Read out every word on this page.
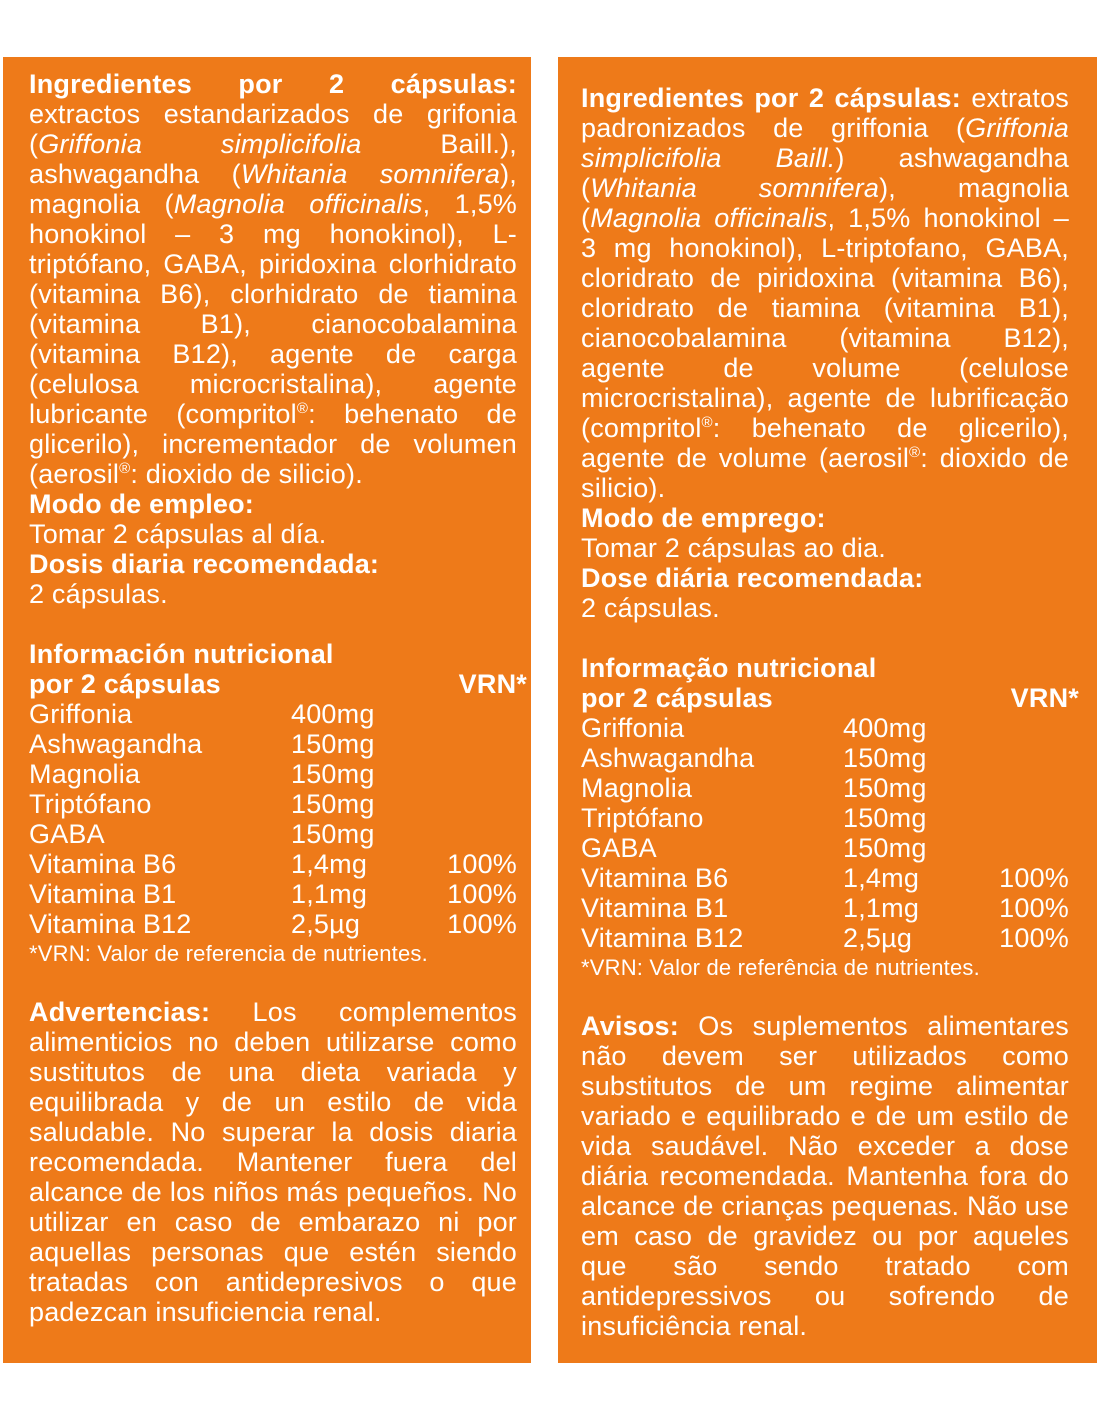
Ingredientes por 2 cápsulas: extractos estandarizados de grifonia (Griffonia simplicifolia Baill.), ashwagandha (Whitania somnifera), magnolia (Magnolia officinalis, 1,5% honokinol – 3 mg honokinol), L-triptófano, GABA, piridoxina clorhidrato (vitamina B6), clorhidrato de tiamina (vitamina B1), cianocobalamina (vitamina B12), agente de carga (celulosa microcristalina), agente lubricante (compritol®: behenato de glicerilo), incrementador de volumen (aerosil®: dioxido de silicio).

Modo de empleo:

Tomar 2 cápsulas al día.

Dosis diaria recomendada:

2 cápsulas.

Información nutricional
por 2 cápsulas	VRN*
Griffonia	400mg	
Ashwagandha	150mg	
Magnolia	150mg	
Triptófano	150mg	
GABA	150mg	
Vitamina B6	1,4mg	100%
Vitamina B1	1,1mg	100%
Vitamina B12	2,5µg	100%
*VRN: Valor de referencia de nutrientes.

Advertencias: Los complementos alimenticios no deben utilizarse como sustitutos de una dieta variada y equilibrada y de un estilo de vida saludable. No superar la dosis diaria recomendada. Mantener fuera del alcance de los niños más pequeños. No utilizar en caso de embarazo ni por aquellas personas que estén siendo tratadas con antidepresivos o que padezcan insuficiencia renal.

Ingredientes por 2 cápsulas: extratos padronizados de griffonia (Griffonia simplicifolia Baill.) ashwagandha (Whitania somnifera), magnolia (Magnolia officinalis, 1,5% honokinol – 3 mg honokinol), L-triptofano, GABA, cloridrato de piridoxina (vitamina B6), cloridrato de tiamina (vitamina B1), cianocobalamina (vitamina B12), agente de volume (celulose microcristalina), agente de lubrificação (compritol®: behenato de glicerilo), agente de volume (aerosil®: dioxido de silicio).

Modo de emprego:

Tomar 2 cápsulas ao dia.

Dose diária recomendada:

2 cápsulas.

Informação nutricional
por 2 cápsulas	VRN*
Griffonia	400mg	
Ashwagandha	150mg	
Magnolia	150mg	
Triptófano	150mg	
GABA	150mg	
Vitamina B6	1,4mg	100%
Vitamina B1	1,1mg	100%
Vitamina B12	2,5µg	100%
*VRN: Valor de referência de nutrientes.

Avisos: Os suplementos alimentares não devem ser utilizados como substitutos de um regime alimentar variado e equilibrado e de um estilo de vida saudável. Não exceder a dose diária recomendada. Mantenha fora do alcance de crianças pequenas. Não use em caso de gravidez ou por aqueles que são sendo tratado com antidepressivos ou sofrendo de insuficiência renal.
